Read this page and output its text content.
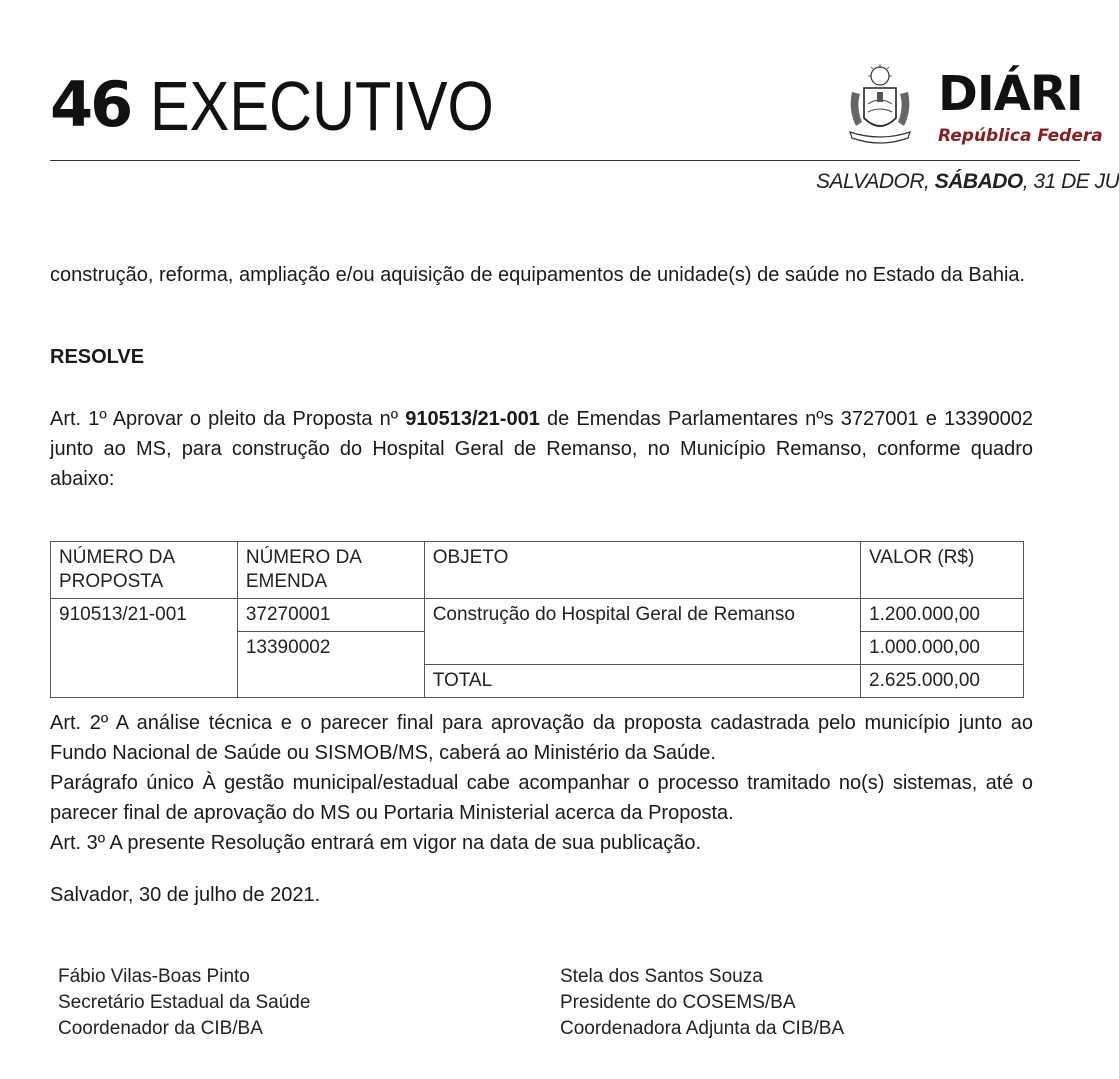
46 EXECUTIVO	DIÁRI
República Federa
SALVADOR, SÁBADO, 31 DE JU
construção, reforma, ampliação e/ou aquisição de equipamentos de unidade(s) de saúde no Estado da Bahia.
RESOLVE
Art. 1º Aprovar o pleito da Proposta nº 910513/21-001 de Emendas Parlamentares nºs 3727001 e 13390002 junto ao MS, para construção do Hospital Geral de Remanso, no Município Remanso, conforme quadro abaixo:
NÚMERO DA PROPOSTA	NÚMERO DA EMENDA	OBJETO	VALOR (R$)
910513/21-001	37270001	Construção do Hospital Geral de Remanso	1.200.000,00
	13390002		1.000.000,00
		TOTAL	2.625.000,00
Art. 2º A análise técnica e o parecer final para aprovação da proposta cadastrada pelo município junto ao Fundo Nacional de Saúde ou SISMOB/MS, caberá ao Ministério da Saúde.
Parágrafo único À gestão municipal/estadual cabe acompanhar o processo tramitado no(s) sistemas, até o parecer final de aprovação do MS ou Portaria Ministerial acerca da Proposta.
Art. 3º A presente Resolução entrará em vigor na data de sua publicação.
Salvador, 30 de julho de 2021.
Fábio Vilas-Boas Pinto
Secretário Estadual da Saúde
Coordenador da CIB/BA
Stela dos Santos Souza
Presidente do COSEMS/BA
Coordenadora Adjunta da CIB/BA
